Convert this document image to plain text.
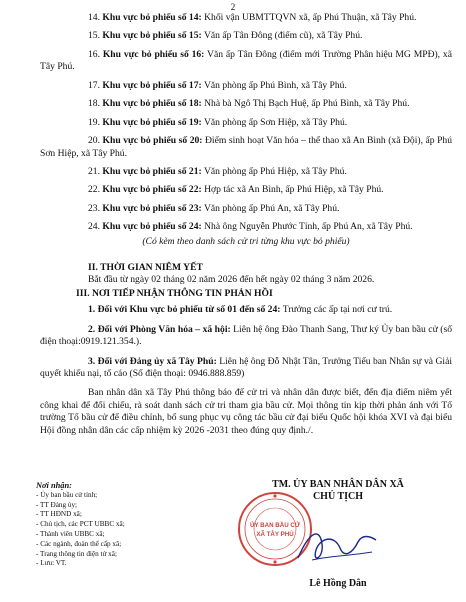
2

14. Khu vực bỏ phiếu số 14: Khối vận UBMTTQVN xã, ấp Phú Thuận, xã Tây Phú.

15. Khu vực bỏ phiếu số 15: Văn ấp Tân Đông (điểm cũ), xã Tây Phú.

16. Khu vực bỏ phiếu số 16: Văn ấp Tân Đông (điểm mới Trường Phân hiệu MG MPĐ), xã Tây Phú.

17. Khu vực bỏ phiếu số 17: Văn phòng ấp Phú Bình, xã Tây Phú.

18. Khu vực bỏ phiếu số 18: Nhà bà Ngô Thị Bạch Huệ, ấp Phú Bình, xã Tây Phú.

19. Khu vực bỏ phiếu số 19: Văn phòng ấp Sơn Hiệp, xã Tây Phú.

20. Khu vực bỏ phiếu số 20: Điểm sinh hoạt Văn hóa – thể thao xã An Bình (xã Đội), ấp Phú Sơn Hiệp, xã Tây Phú.

21. Khu vực bỏ phiếu số 21: Văn phòng ấp Phú Hiệp, xã Tây Phú.

22. Khu vực bỏ phiếu số 22: Hợp tác xã An Bình, ấp Phú Hiệp, xã Tây Phú.

23. Khu vực bỏ phiếu số 23: Văn phòng ấp Phú An, xã Tây Phú.

24. Khu vực bỏ phiếu số 24: Nhà ông Nguyễn Phước Tính, ấp Phú An, xã Tây Phú.

(Có kèm theo danh sách cử tri từng khu vực bỏ phiếu)

II. THỜI GIAN NIÊM YẾT

Bắt đầu từ ngày 02 tháng 02 năm 2026 đến hết ngày 02 tháng 3 năm 2026.

III. NƠI TIẾP NHẬN THÔNG TIN PHẢN HỒI

1. Đối với Khu vực bỏ phiếu từ số 01 đến số 24: Trưởng các ấp tại nơi cư trú.

2. Đối với Phòng Văn hóa – xã hội: Liên hệ ông Đào Thanh Sang, Thư ký Ủy ban bầu cử (số điện thoại:0919.121.354.).

3. Đối với Đảng ủy xã Tây Phú: Liên hệ ông Đỗ Nhật Tân, Trưởng Tiểu ban Nhân sự và Giải quyết khiếu nại, tố cáo (Số điện thoại: 0946.888.859)

Ban nhân dân xã Tây Phú thông báo để cử tri và nhân dân được biết, đến địa điểm niêm yết công khai để đối chiếu, rà soát danh sách cử tri tham gia bầu cử. Mọi thông tin kịp thời phản ánh với Tổ trường Tổ bầu cử để điều chỉnh, bổ sung phục vụ công tác bầu cử đại biểu Quốc hội khóa XVI và đại biểu Hội đồng nhân dân các cấp nhiệm kỳ 2026 -2031 theo đúng quy định./.

Nơi nhận:
- Ủy ban bầu cử tỉnh;
- TT Đảng ủy;
- TT HĐND xã;
- Chủ tịch, các PCT UBBC xã;
- Thành viên UBBC xã;
- Các ngành, đoàn thể cấp xã;
- Trang thông tin điện tử xã;
- Lưu: VT.
TM. ỦY BAN NHÂN DÂN XÃ
CHỦ TỊCH
ỦY BAN BẦU CỬ
XÃ TÂY PHÚ
Lê Hồng Dân
